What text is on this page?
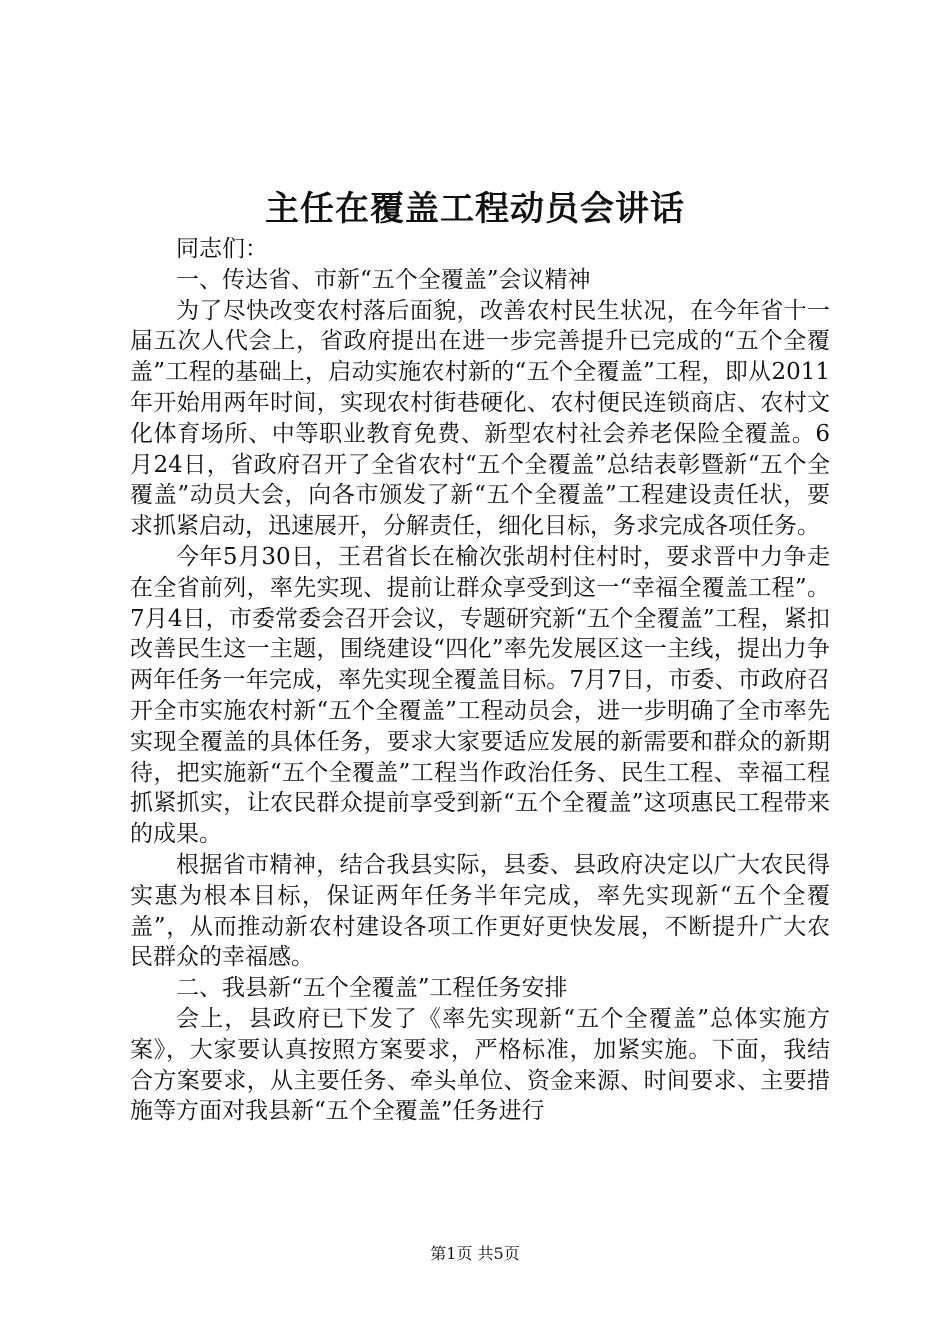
主任在覆盖工程动员会讲话

同志们：

一、传达省、市新“五个全覆盖”会议精神

为了尽快改变农村落后面貌，改善农村民生状况，在今年省十一届五次人代会上，省政府提出在进一步完善提升已完成的“五个全覆盖”工程的基础上，启动实施农村新的“五个全覆盖”工程，即从2011年开始用两年时间，实现农村街巷硬化、农村便民连锁商店、农村文化体育场所、中等职业教育免费、新型农村社会养老保险全覆盖。6月24日，省政府召开了全省农村“五个全覆盖”总结表彰暨新“五个全覆盖”动员大会，向各市颁发了新“五个全覆盖”工程建设责任状，要求抓紧启动，迅速展开，分解责任，细化目标，务求完成各项任务。

今年5月30日，王君省长在榆次张胡村住村时，要求晋中力争走在全省前列，率先实现、提前让群众享受到这一“幸福全覆盖工程”。7月4日，市委常委会召开会议，专题研究新“五个全覆盖”工程，紧扣改善民生这一主题，围绕建设“四化”率先发展区这一主线，提出力争两年任务一年完成，率先实现全覆盖目标。7月7日，市委、市政府召开全市实施农村新“五个全覆盖”工程动员会，进一步明确了全市率先实现全覆盖的具体任务，要求大家要适应发展的新需要和群众的新期待，把实施新“五个全覆盖”工程当作政治任务、民生工程、幸福工程抓紧抓实，让农民群众提前享受到新“五个全覆盖”这项惠民工程带来的成果。

根据省市精神，结合我县实际，县委、县政府决定以广大农民得实惠为根本目标，保证两年任务半年完成，率先实现新“五个全覆盖”，从而推动新农村建设各项工作更好更快发展，不断提升广大农民群众的幸福感。

二、我县新“五个全覆盖”工程任务安排

会上，县政府已下发了《率先实现新“五个全覆盖”总体实施方案》，大家要认真按照方案要求，严格标准，加紧实施。下面，我结合方案要求，从主要任务、牵头单位、资金来源、时间要求、主要措施等方面对我县新“五个全覆盖”任务进行

第1页 共5页
